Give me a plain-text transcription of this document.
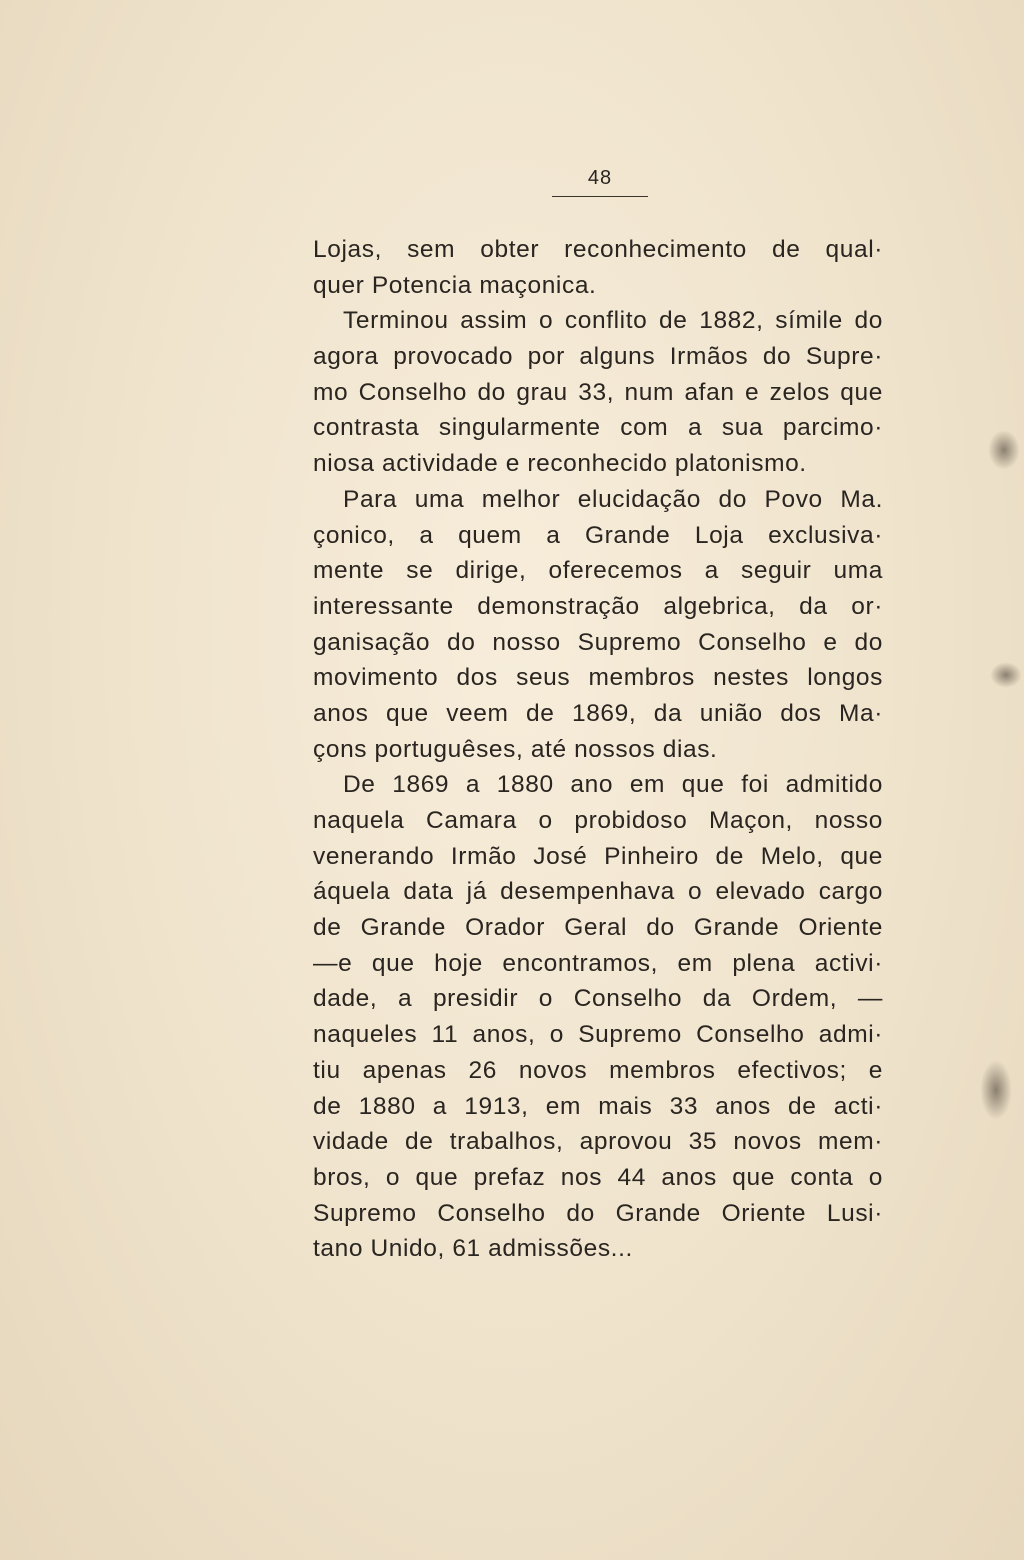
48
Lojas, sem obter reconhecimento de qual·
quer Potencia maçonica.
Terminou assim o conflito de 1882, símile do
agora provocado por alguns Irmãos do Supre·
mo Conselho do grau 33, num afan e zelos que
contrasta singularmente com a sua parcimo·
niosa actividade e reconhecido platonismo.
Para uma melhor elucidação do Povo Ma.
çonico, a quem a Grande Loja exclusiva·
mente se dirige, oferecemos a seguir uma
interessante demonstração algebrica, da or·
ganisação do nosso Supremo Conselho e do
movimento dos seus membros nestes longos
anos que veem de 1869, da união dos Ma·
çons portuguêses, até nossos dias.
De 1869 a 1880 ano em que foi admitido
naquela Camara o probidoso Maçon, nosso
venerando Irmão José Pinheiro de Melo, que
áquela data já desempenhava o elevado cargo
de Grande Orador Geral do Grande Oriente
—e que hoje encontramos, em plena activi·
dade, a presidir o Conselho da Ordem, —
naqueles 11 anos, o Supremo Conselho admi·
tiu apenas 26 novos membros efectivos; e
de 1880 a 1913, em mais 33 anos de acti·
vidade de trabalhos, aprovou 35 novos mem·
bros, o que prefaz nos 44 anos que conta o
Supremo Conselho do Grande Oriente Lusi·
tano Unido, 61 admissões...
